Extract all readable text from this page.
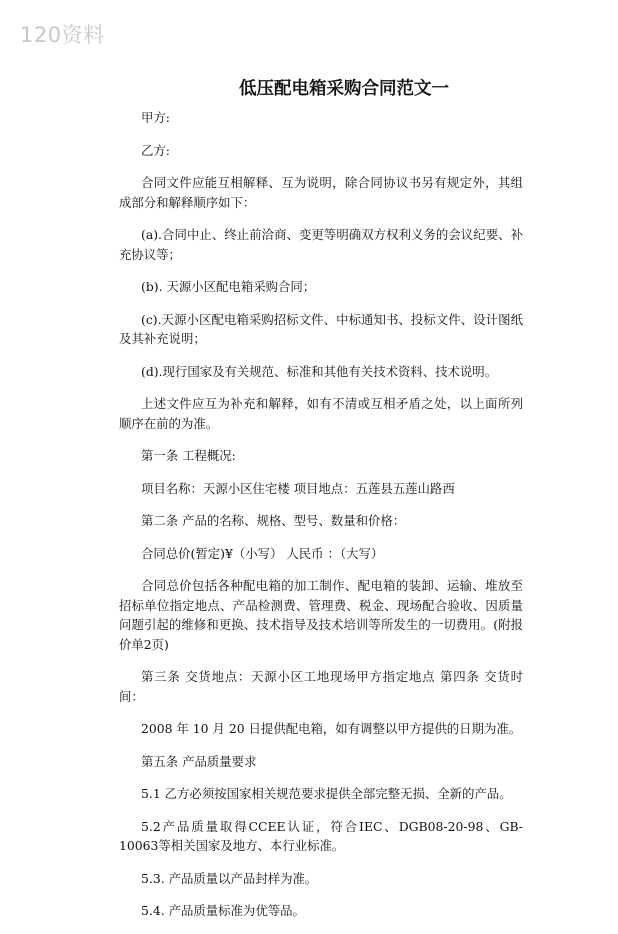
120资料
低压配电箱采购合同范文一

甲方:

乙方:

合同文件应能互相解释、互为说明，除合同协议书另有规定外，其组成部分和解释顺序如下：

(a).合同中止、终止前洽商、变更等明确双方权利义务的会议纪要、补充协议等；

(b). 天源小区配电箱采购合同；

(c).天源小区配电箱采购招标文件、中标通知书、投标文件、设计图纸及其补充说明；

(d).现行国家及有关规范、标准和其他有关技术资料、技术说明。

上述文件应互为补充和解释，如有不清或互相矛盾之处，以上面所列顺序在前的为准。

第一条 工程概况:

项目名称：天源小区住宅楼 项目地点：五莲县五莲山路西

第二条 产品的名称、规格、型号、数量和价格：

合同总价(暂定)¥（小写） 人民币 ：（大写）

合同总价包括各种配电箱的加工制作、配电箱的装卸、运输、堆放至招标单位指定地点、产品检测费、管理费、税金、现场配合验收、因质量问题引起的维修和更换、技术指导及技术培训等所发生的一切费用。(附报价单2页)

第三条 交货地点：天源小区工地现场甲方指定地点 第四条 交货时间：

2008 年 10 月 20 日提供配电箱，如有调整以甲方提供的日期为准。

第五条 产品质量要求

5.1 乙方必须按国家相关规范要求提供全部完整无损、全新的产品。

5.2产品质量取得CCEE认证，符合IEC、DGB08-20-98、GB-10063等相关国家及地方、本行业标准。

5.3. 产品质量以产品封样为准。

5.4. 产品质量标准为优等品。
